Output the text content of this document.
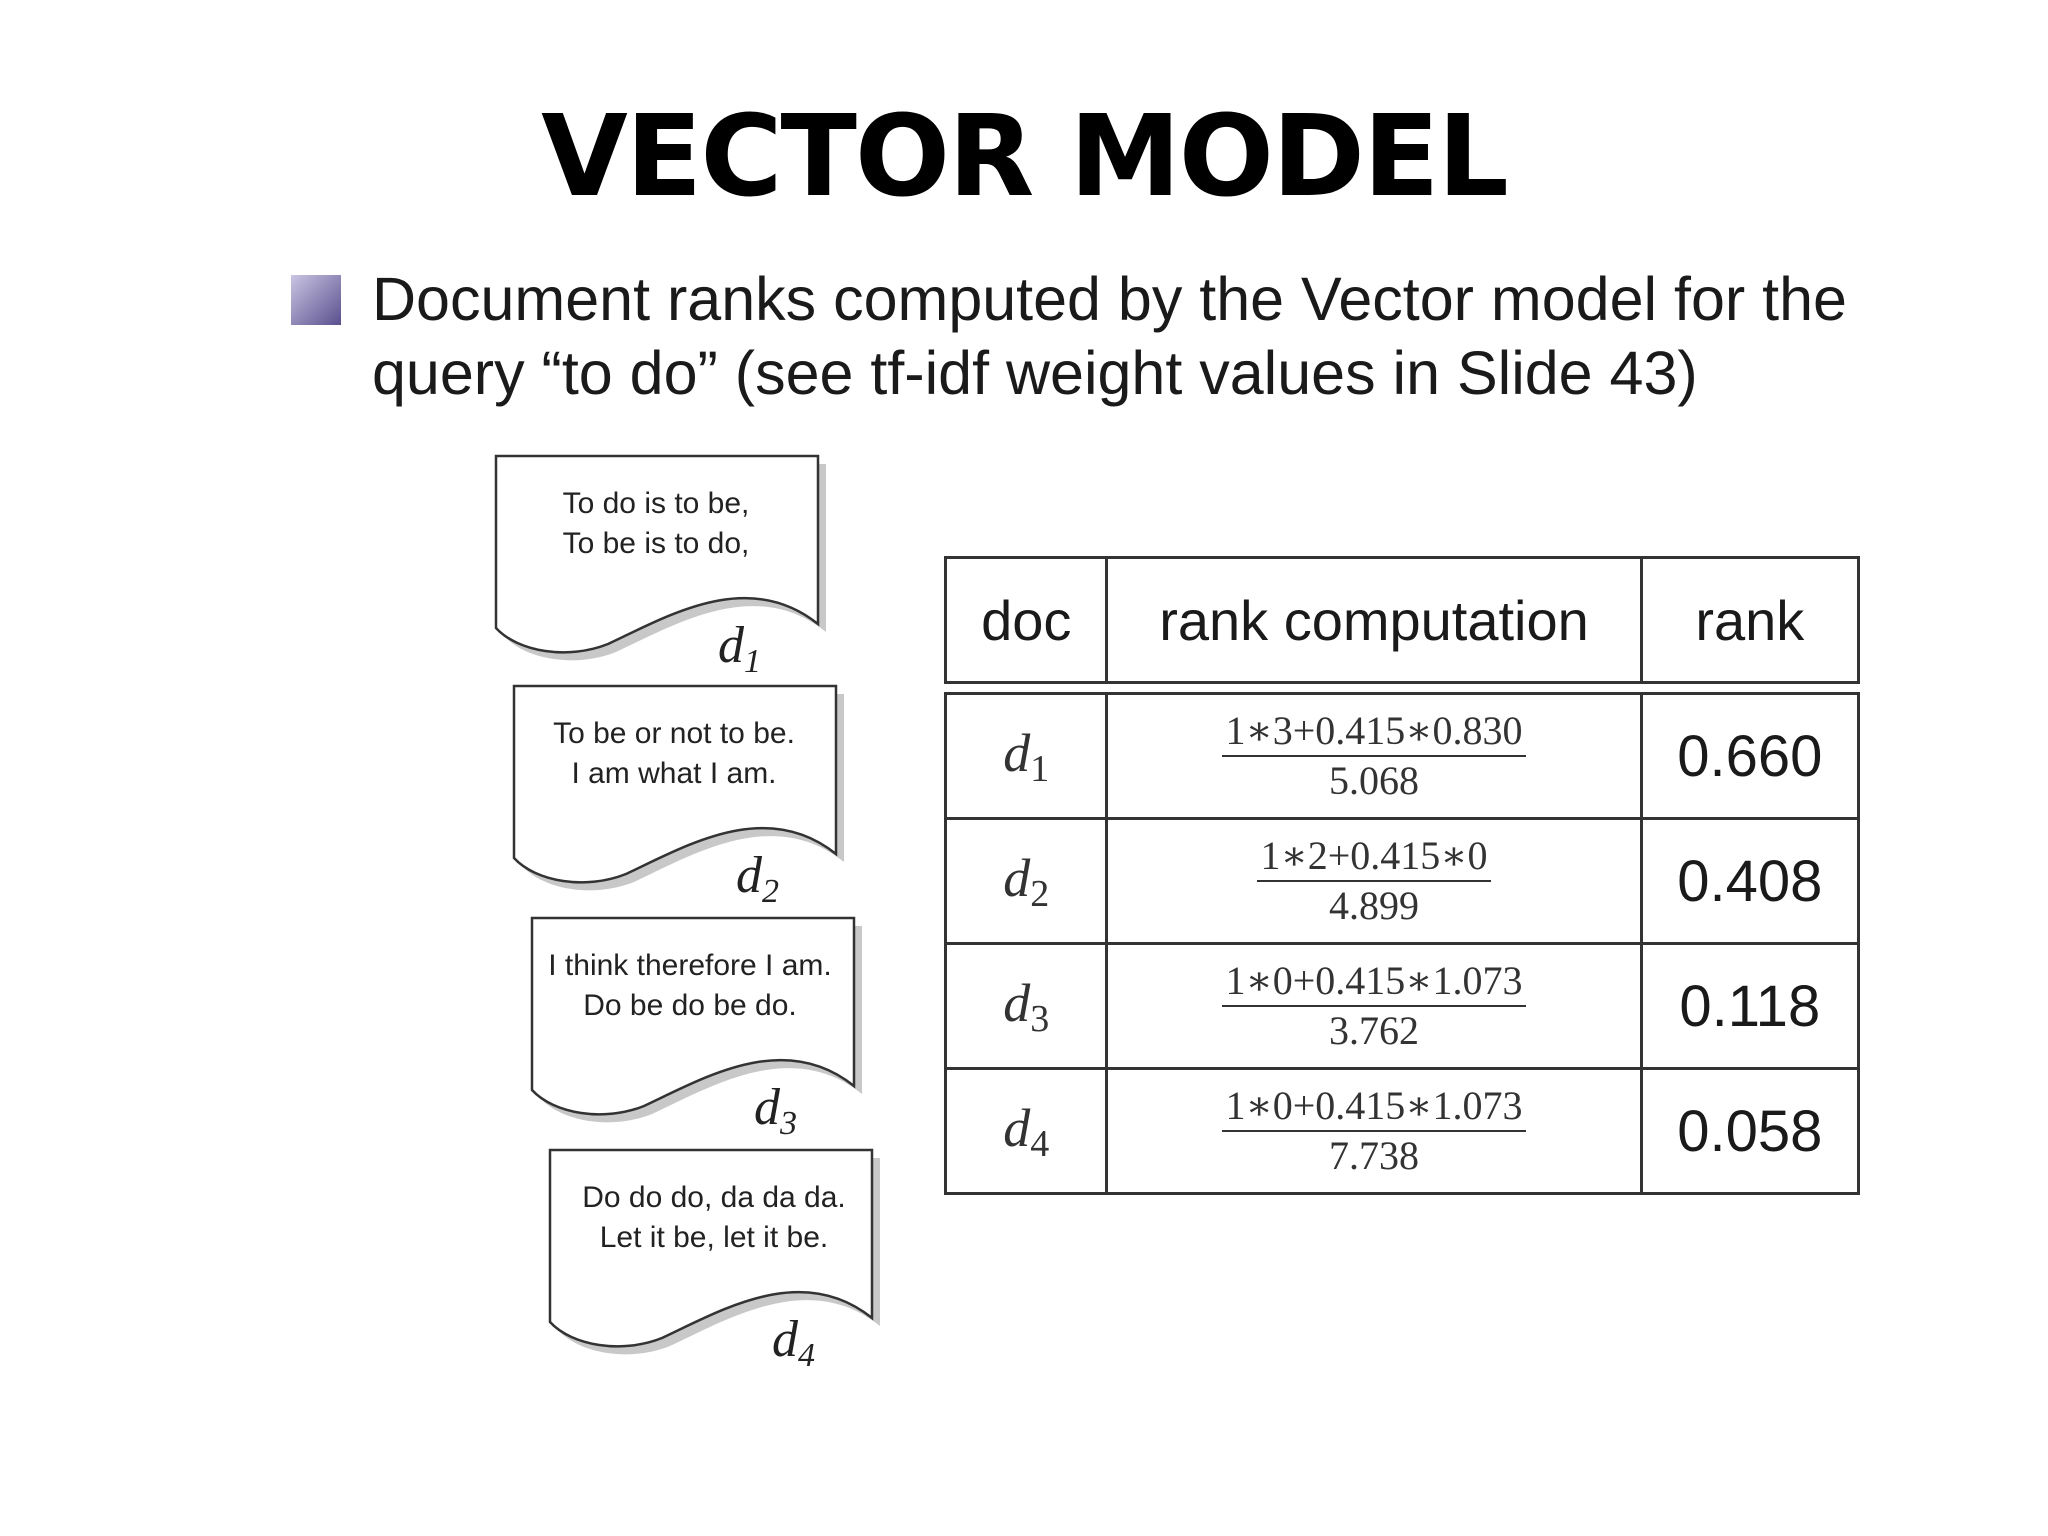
VECTOR MODEL
Document ranks computed by the Vector model for the
query “to do” (see tf-idf weight values in Slide 43)
To do is to be,
To be is to do,
$d_1$
To be or not to be.
I am what I am.
$d_2$
I think therefore I am.
Do be do be do.
$d_3$
Do do do, da da da.
Let it be, let it be.
$d_4$
doc	rank computation	rank

$d_1$	$\frac{1∗3+0.415∗0.830}{5.068}$	0.660
$d_2$	$\frac{1∗2+0.415∗0}{4.899}$	0.408
$d_3$	$\frac{1∗0+0.415∗1.073}{3.762}$	0.118
$d_4$	$\frac{1∗0+0.415∗1.073}{7.738}$	0.058
